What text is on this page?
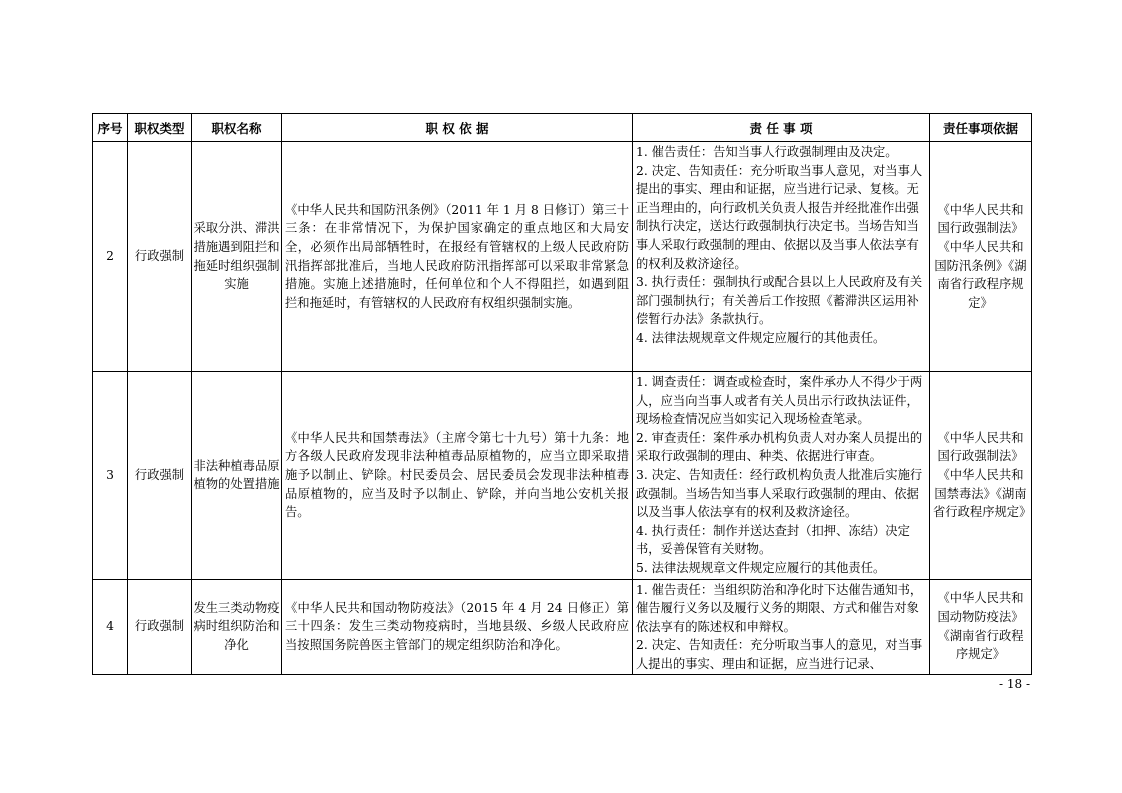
序号	职权类型	职权名称	职 权 依 据	责 任 事 项	责任事项依据
2	行政强制	采取分洪、滞洪措施遇到阻拦和拖延时组织强制实施	《中华人民共和国防汛条例》（2011 年 1 月 8 日修订）第三十三条：在非常情况下，为保护国家确定的重点地区和大局安全，必须作出局部牺牲时，在报经有管辖权的上级人民政府防汛指挥部批准后，当地人民政府防汛指挥部可以采取非常紧急措施。实施上述措施时，任何单位和个人不得阻拦，如遇到阻拦和拖延时，有管辖权的人民政府有权组织强制实施。	1. 催告责任：告知当事人行政强制理由及决定。
2. 决定、告知责任：充分听取当事人意见，对当事人提出的事实、理由和证据，应当进行记录、复核。无正当理由的，向行政机关负责人报告并经批准作出强制执行决定，送达行政强制执行决定书。当场告知当事人采取行政强制的理由、依据以及当事人依法享有的权利及救济途径。
3. 执行责任：强制执行或配合县以上人民政府及有关部门强制执行；有关善后工作按照《蓄滞洪区运用补偿暂行办法》条款执行。
4. 法律法规规章文件规定应履行的其他责任。	《中华人民共和国行政强制法》《中华人民共和国防汛条例》《湖南省行政程序规定》
3	行政强制	非法种植毒品原植物的处置措施	《中华人民共和国禁毒法》（主席令第七十九号）第十九条：地方各级人民政府发现非法种植毒品原植物的，应当立即采取措施予以制止、铲除。村民委员会、居民委员会发现非法种植毒品原植物的，应当及时予以制止、铲除，并向当地公安机关报告。	1. 调查责任：调查或检查时，案件承办人不得少于两人，应当向当事人或者有关人员出示行政执法证件，现场检查情况应当如实记入现场检查笔录。
2. 审查责任：案件承办机构负责人对办案人员提出的采取行政强制的理由、种类、依据进行审查。
3. 决定、告知责任：经行政机构负责人批准后实施行政强制。当场告知当事人采取行政强制的理由、依据以及当事人依法享有的权利及救济途径。
4. 执行责任：制作并送达查封（扣押、冻结）决定书，妥善保管有关财物。
5. 法律法规规章文件规定应履行的其他责任。	《中华人民共和国行政强制法》《中华人民共和国禁毒法》《湖南省行政程序规定》
4	行政强制	发生三类动物疫病时组织防治和净化	《中华人民共和国动物防疫法》（2015 年 4 月 24 日修正）第三十四条：发生三类动物疫病时，当地县级、乡级人民政府应当按照国务院兽医主管部门的规定组织防治和净化。	1. 催告责任：当组织防治和净化时下达催告通知书，催告履行义务以及履行义务的期限、方式和催告对象依法享有的陈述权和申辩权。
2. 决定、告知责任：充分听取当事人的意见，对当事人提出的事实、理由和证据，应当进行记录、	《中华人民共和国动物防疫法》《湖南省行政程序规定》
- 18 -
